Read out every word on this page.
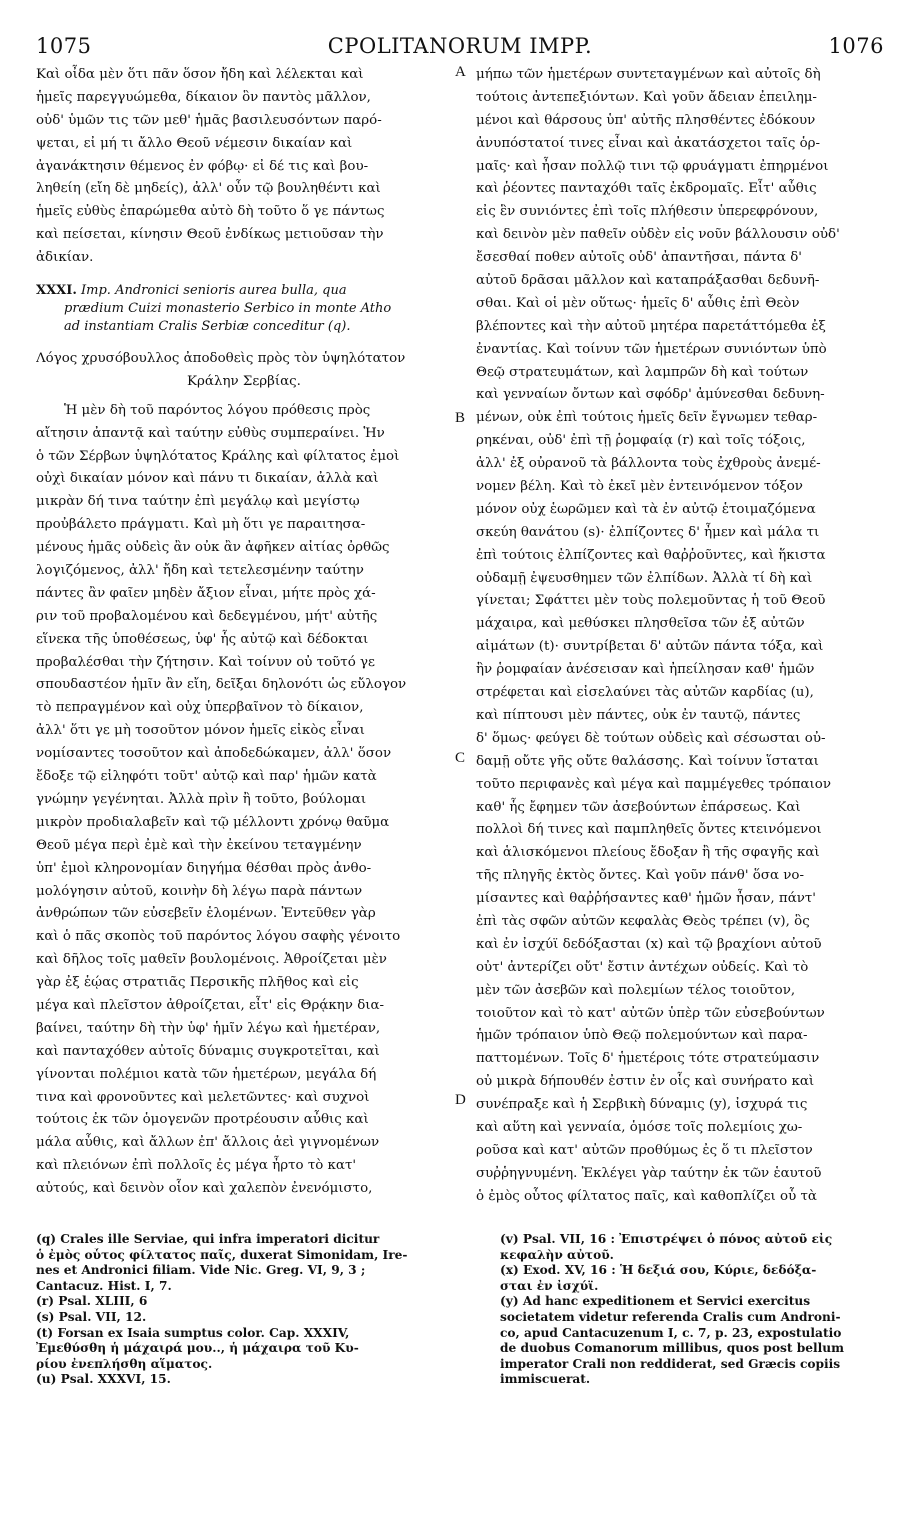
1075	CPOLITANORUM IMPP.	1076
A
B
C
D
Καὶ οἶδα μὲν ὅτι πᾶν ὅσον ἤδη καὶ λέλεκται καὶ
ἡμεῖς παρεγγυώμεθα, δίκαιον ὃν παντὸς μᾶλλον,
οὐδ' ὑμῶν τις τῶν μεθ' ἡμᾶς βασιλευσόντων παρό-
ψεται, εἰ μή τι ἄλλο Θεοῦ νέμεσιν δικαίαν καὶ
ἀγανάκτησιν θέμενος ἐν φόβῳ· εἰ δέ τις καὶ βου-
ληθείη (εἴη δὲ μηδείς), ἀλλ' οὖν τῷ βουληθέντι καὶ
ἡμεῖς εὐθὺς ἐπαρώμεθα αὐτὸ δὴ τοῦτο ὅ γε πάντως
καὶ πείσεται, κίνησιν Θεοῦ ἐνδίκως μετιοῦσαν τὴν
ἀδικίαν.
XXXI. Imp. Andronici senioris aurea bulla, qua
prædium Cuizi monasterio Serbico in monte Atho
ad instantiam Cralis Serbiæ conceditur (q).
Λόγος χρυσόβουλλος ἀποδοθεὶς πρὸς τὸν ὑψηλότατον
Κράλην Σερβίας.
Ἡ μὲν δὴ τοῦ παρόντος λόγου πρόθεσις πρὸς
αἴτησιν ἀπαντᾷ καὶ ταύτην εὐθὺς συμπεραίνει. Ἡν
ὁ τῶν Σέρβων ὑψηλότατος Κράλης καὶ φίλτατος ἐμοὶ
οὐχὶ δικαίαν μόνον καὶ πάνυ τι δικαίαν, ἀλλὰ καὶ
μικρὰν δή τινα ταύτην ἐπὶ μεγάλῳ καὶ μεγίστῳ
προὐβάλετο πράγματι. Καὶ μὴ ὅτι γε παραιτησα-
μένους ἡμᾶς οὐδεὶς ἂν οὐκ ἂν ἀφῆκεν αἰτίας ὀρθῶς
λογιζόμενος, ἀλλ' ἤδη καὶ τετελεσμένην ταύτην
πάντες ἂν φαῖεν μηδὲν ἄξιον εἶναι, μήτε πρὸς χά-
ριν τοῦ προβαλομένου καὶ δεδεγμένου, μήτ' αὐτῆς
εἵνεκα τῆς ὑποθέσεως, ὑφ' ἧς αὐτῷ καὶ δέδοκται
προβαλέσθαι τὴν ζήτησιν. Καὶ τοίνυν οὐ τοῦτό γε
σπουδαστέον ἡμῖν ἂν εἴη, δεῖξαι δηλονότι ὡς εὔλογον
τὸ πεπραγμένον καὶ οὐχ ὑπερβαῖνον τὸ δίκαιον,
ἀλλ' ὅτι γε μὴ τοσοῦτον μόνον ἡμεῖς εἰκὸς εἶναι
νομίσαντες τοσοῦτον καὶ ἀποδεδώκαμεν, ἀλλ' ὅσον
ἔδοξε τῷ εἰληφότι τοῦτ' αὐτῷ καὶ παρ' ἡμῶν κατὰ
γνώμην γεγένηται. Ἀλλὰ πρὶν ἢ τοῦτο, βούλομαι
μικρὸν προδιαλαβεῖν καὶ τῷ μέλλοντι χρόνῳ θαῦμα
Θεοῦ μέγα περὶ ἐμὲ καὶ τὴν ἐκείνου τεταγμένην
ὑπ' ἐμοὶ κληρονομίαν διηγήμα θέσθαι πρὸς ἀνθο-
μολόγησιν αὐτοῦ, κοινὴν δὴ λέγω παρὰ πάντων
ἀνθρώπων τῶν εὐσεβεῖν ἑλομένων. Ἐντεῦθεν γὰρ
καὶ ὁ πᾶς σκοπὸς τοῦ παρόντος λόγου σαφὴς γένοιτο
καὶ δῆλος τοῖς μαθεῖν βουλομένοις. Ἀθροίζεται μὲν
γὰρ ἐξ ἑῴας στρατιᾶς Περσικῆς πλῆθος καὶ εἰς
μέγα καὶ πλεῖστον ἀθροίζεται, εἶτ' εἰς Θρᾴκην δια-
βαίνει, ταύτην δὴ τὴν ὑφ' ἡμῖν λέγω καὶ ἡμετέραν,
καὶ πανταχόθεν αὐτοῖς δύναμις συγκροτεῖται, καὶ
γίνονται πολέμιοι κατὰ τῶν ἡμετέρων, μεγάλα δή
τινα καὶ φρονοῦντες καὶ μελετῶντες· καὶ συχνοὶ
τούτοις ἐκ τῶν ὁμογενῶν προτρέουσιν αὖθις καὶ
μάλα αὖθις, καὶ ἄλλων ἐπ' ἄλλοις ἀεὶ γιγνομένων
καὶ πλειόνων ἐπὶ πολλοῖς ἐς μέγα ἦρτο τὸ κατ'
αὐτούς, καὶ δεινὸν οἷον καὶ χαλεπὸν ἐνενόμιστο,
μήπω τῶν ἡμετέρων συντεταγμένων καὶ αὐτοῖς δὴ
τούτοις ἀντεπεξιόντων. Καὶ γοῦν ἄδειαν ἐπειλημ-
μένοι καὶ θάρσους ὑπ' αὐτῆς πλησθέντες ἐδόκουν
ἀνυπόστατοί τινες εἶναι καὶ ἀκατάσχετοι ταῖς ὁρ-
μαῖς· καὶ ἦσαν πολλῷ τινι τῷ φρυάγματι ἐπηρμένοι
καὶ ῥέοντες πανταχόθι ταῖς ἐκδρομαῖς. Εἶτ' αὖθις
εἰς ἓν συνιόντες ἐπὶ τοῖς πλήθεσιν ὑπερεφρόνουν,
καὶ δεινὸν μὲν παθεῖν οὐδὲν εἰς νοῦν βάλλουσιν οὐδ'
ἔσεσθαί ποθεν αὐτοῖς οὐδ' ἀπαντῆσαι, πάντα δ'
αὐτοῦ δρᾶσαι μᾶλλον καὶ καταπράξασθαι δεδυνῆ-
σθαι. Καὶ οἱ μὲν οὕτως· ἡμεῖς δ' αὖθις ἐπὶ Θεὸν
βλέποντες καὶ τὴν αὐτοῦ μητέρα παρετάττόμεθα ἐξ
ἐναντίας. Καὶ τοίνυν τῶν ἡμετέρων συνιόντων ὑπὸ
Θεῷ στρατευμάτων, καὶ λαμπρῶν δὴ καὶ τούτων
καὶ γενναίων ὄντων καὶ σφόδρ' ἀμύνεσθαι δεδυνη-
μένων, οὐκ ἐπὶ τούτοις ἡμεῖς δεῖν ἔγνωμεν τεθαρ-
ρηκέναι, οὐδ' ἐπὶ τῇ ῥομφαίᾳ (r) καὶ τοῖς τόξοις,
ἀλλ' ἐξ οὐρανοῦ τὰ βάλλοντα τοὺς ἐχθροὺς ἀνεμέ-
νομεν βέλη. Καὶ τὸ ἐκεῖ μὲν ἐντεινόμενον τόξον
μόνον οὐχ ἑωρῶμεν καὶ τὰ ἐν αὐτῷ ἑτοιμαζόμενα
σκεύη θανάτου (s)· ἐλπίζοντες δ' ἦμεν καὶ μάλα τι
ἐπὶ τούτοις ἐλπίζοντες καὶ θαῤῥοῦντες, καὶ ἥκιστα
οὐδαμῇ ἐψευσθημεν τῶν ἐλπίδων. Ἀλλὰ τί δὴ καὶ
γίνεται; Σφάττει μὲν τοὺς πολεμοῦντας ἡ τοῦ Θεοῦ
μάχαιρα, καὶ μεθύσκει πλησθεῖσα τῶν ἐξ αὐτῶν
αἱμάτων (t)· συντρίβεται δ' αὐτῶν πάντα τόξα, καὶ
ἣν ῥομφαίαν ἀνέσεισαν καὶ ἠπείλησαν καθ' ἡμῶν
στρέφεται καὶ εἰσελαύνει τὰς αὐτῶν καρδίας (u),
καὶ πίπτουσι μὲν πάντες, οὐκ ἐν ταυτῷ, πάντες
δ' ὅμως· φεύγει δὲ τούτων οὐδεὶς καὶ σέσωσται οὐ-
δαμῇ οὔτε γῆς οὔτε θαλάσσης. Καὶ τοίνυν ἵσταται
τοῦτο περιφανὲς καὶ μέγα καὶ παμμέγεθες τρόπαιον
καθ' ἧς ἔφημεν τῶν ἀσεβούντων ἐπάρσεως. Καὶ
πολλοὶ δή τινες καὶ παμπληθεῖς ὄντες κτεινόμενοι
καὶ ἁλισκόμενοι πλείους ἔδοξαν ἢ τῆς σφαγῆς καὶ
τῆς πληγῆς ἐκτὸς ὄντες. Καὶ γοῦν πάνθ' ὅσα νο-
μίσαντες καὶ θαῤῥήσαντες καθ' ἡμῶν ἦσαν, πάντ'
ἐπὶ τὰς σφῶν αὐτῶν κεφαλὰς Θεὸς τρέπει (v), ὃς
καὶ ἐν ἰσχύϊ δεδόξασται (x) καὶ τῷ βραχίονι αὐτοῦ
οὐτ' ἀντερίζει οὔτ' ἔστιν ἀντέχων οὐδείς. Καὶ τὸ
μὲν τῶν ἀσεβῶν καὶ πολεμίων τέλος τοιοῦτον,
τοιοῦτον καὶ τὸ κατ' αὐτῶν ὑπὲρ τῶν εὐσεβούντων
ἡμῶν τρόπαιον ὑπὸ Θεῷ πολεμούντων καὶ παρα-
παττομένων. Τοῖς δ' ἡμετέροις τότε στρατεύμασιν
οὐ μικρὰ δήπουθέν ἐστιν ἐν οἷς καὶ συνήρατο καὶ
συνέπραξε καὶ ἡ Σερβικὴ δύναμις (y), ἰσχυρά τις
καὶ αὕτη καὶ γενναία, ὁμόσε τοῖς πολεμίοις χω-
ροῦσα καὶ κατ' αὐτῶν προθύμως ἐς ὅ τι πλεῖστον
συῤῥηγνυμένη. Ἐκλέγει γὰρ ταύτην ἐκ τῶν ἑαυτοῦ
ὁ ἐμὸς οὗτος φίλτατος παῖς, καὶ καθοπλίζει οὗ τὰ
(q) Crales ille Serviae, qui infra imperatori dicitur
ὁ ἐμὸς οὗτος φίλτατος παῖς, duxerat Simonidam, Ire-
nes et Andronici filiam. Vide Nic. Greg. VI, 9, 3 ;
Cantacuz. Hist. I, 7.
(r) Psal. XLIII, 6
(s) Psal. VII, 12.
(t) Forsan ex Isaia sumptus color. Cap. XXXIV,
Ἐμεθύσθη ἡ μάχαιρά μου.., ἡ μάχαιρα τοῦ Κυ-
ρίου ἐνεπλήσθη αἵματος.
(u) Psal. XXXVI, 15.
(v) Psal. VII, 16 : Ἐπιστρέψει ὁ πόνος αὐτοῦ εἰς
κεφαλὴν αὐτοῦ.
(x) Exod. XV, 16 : Ἡ δεξιά σου, Κύριε, δεδόξα-
σται ἐν ἰσχύϊ.
(y) Ad hanc expeditionem et Servici exercitus
societatem videtur referenda Cralis cum Androni-
co, apud Cantacuzenum I, c. 7, p. 23, expostulatio
de duobus Comanorum millibus, quos post bellum
imperator Crali non reddiderat, sed Græcis copiis
immiscuerat.
